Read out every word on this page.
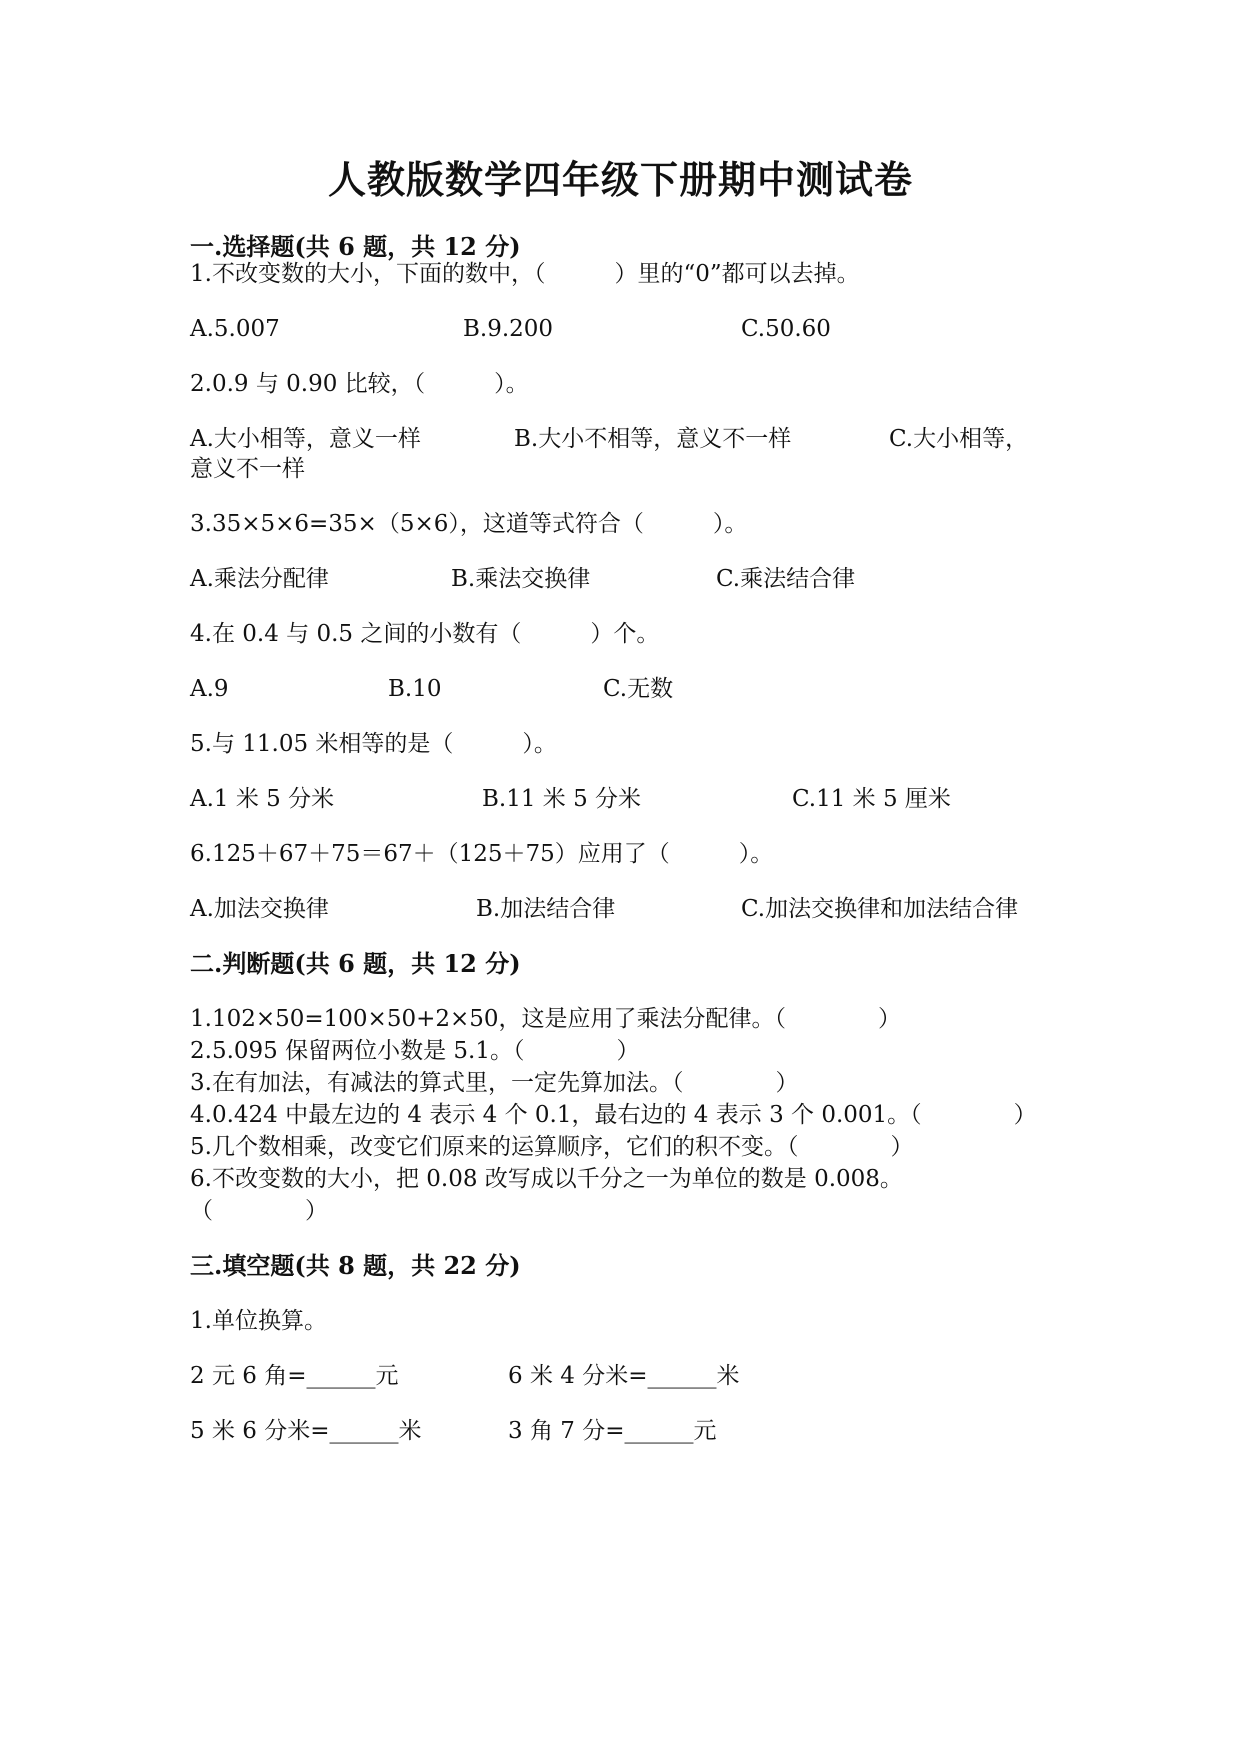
人教版数学四年级下册期中测试卷
一.选择题(共 6 题，共 12 分)
1.不改变数的大小，下面的数中，（　　　）里的“0”都可以去掉。
A.5.007	B.9.200	C.50.60
2.0.9 与 0.90 比较，（　　　）。
A.大小相等，意义一样	B.大小不相等，意义不一样	C.大小相等，
意义不一样
3.35×5×6=35×（5×6），这道等式符合（　　　）。
A.乘法分配律	B.乘法交换律	C.乘法结合律
4.在 0.4 与 0.5 之间的小数有（　　　）个。
A.9	B.10	C.无数
5.与 11.05 米相等的是（　　　）。
A.1 米 5 分米	B.11 米 5 分米	C.11 米 5 厘米
6.125＋67＋75＝67＋（125＋75）应用了（　　　）。
A.加法交换律	B.加法结合律	C.加法交换律和加法结合律
二.判断题(共 6 题，共 12 分)
1.102×50=100×50+2×50，这是应用了乘法分配律。（　　　　）
2.5.095 保留两位小数是 5.1。（　　　　）
3.在有加法，有减法的算式里，一定先算加法。（　　　　）
4.0.424 中最左边的 4 表示 4 个 0.1，最右边的 4 表示 3 个 0.001。（　　　　）
5.几个数相乘，改变它们原来的运算顺序，它们的积不变。（　　　　）
6.不改变数的大小，把 0.08 改写成以千分之一为单位的数是 0.008。
（　　　　）
三.填空题(共 8 题，共 22 分)
1.单位换算。
2 元 6 角=______元	6 米 4 分米=______米
5 米 6 分米=______米	3 角 7 分=______元
